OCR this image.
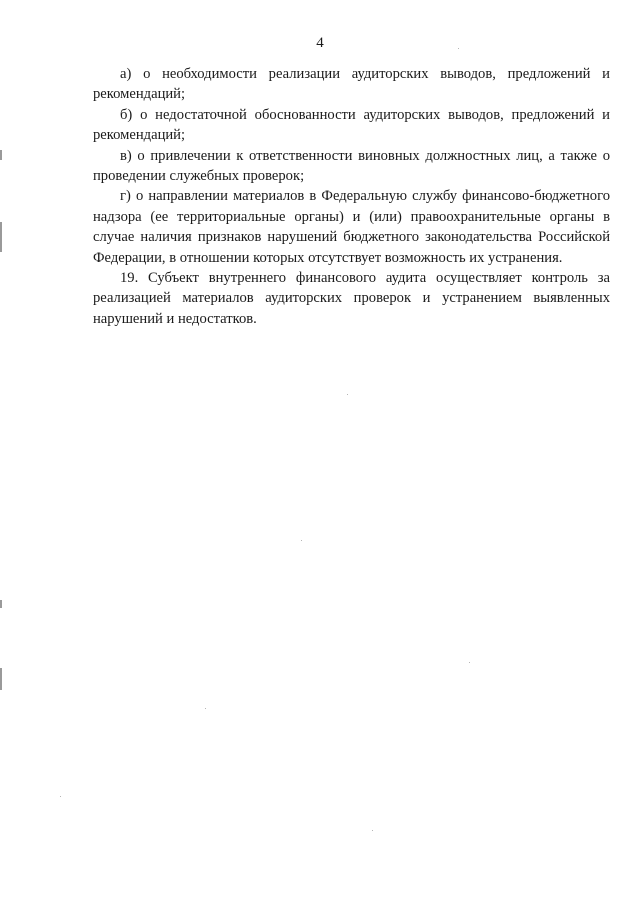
4

а) о необходимости реализации аудиторских выводов, предложений и рекомендаций;

б) о недостаточной обоснованности аудиторских выводов, предложений и рекомендаций;

в) о привлечении к ответственности виновных должностных лиц, а также о проведении служебных проверок;

г) о направлении материалов в Федеральную службу финансово-бюджетного надзора (ее территориальные органы) и (или) правоохранительные органы в случае наличия признаков нарушений бюджетного законодательства Российской Федерации, в отношении которых отсутствует возможность их устранения.

19. Субъект внутреннего финансового аудита осуществляет контроль за реализацией материалов аудиторских проверок и устранением выявленных нарушений и недостатков.
